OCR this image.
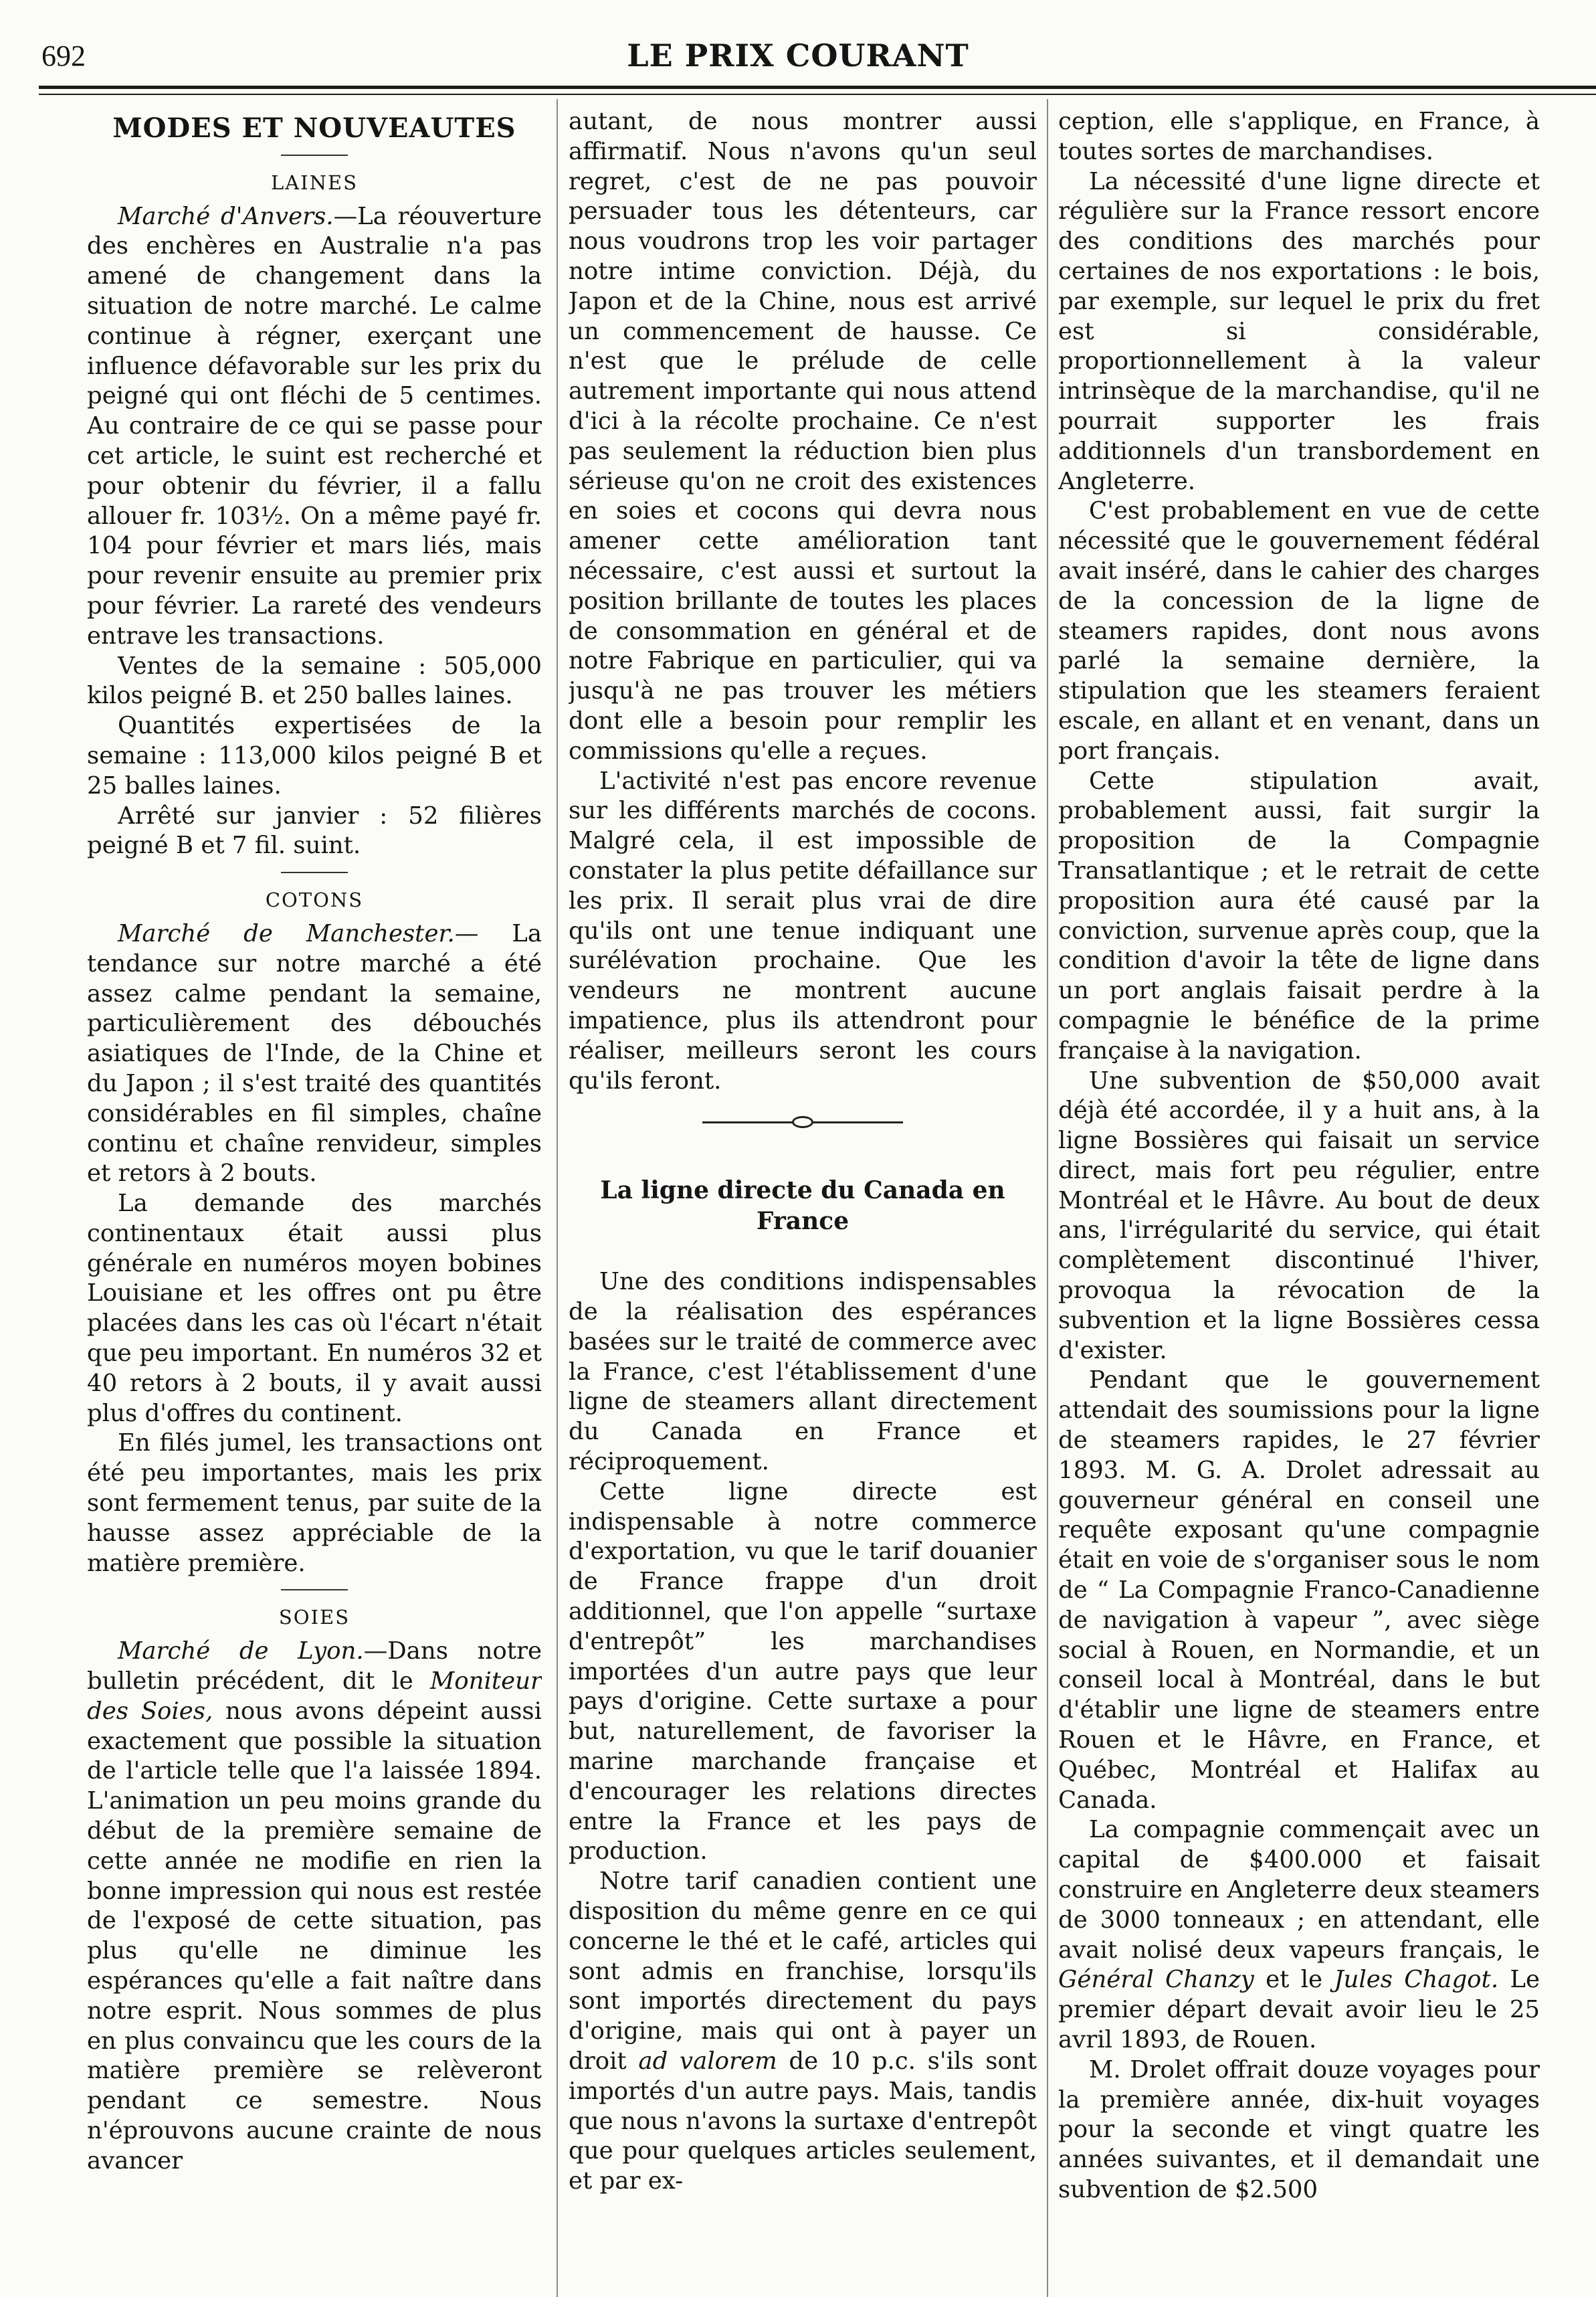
692	LE PRIX COURANT
MODES ET NOUVEAUTES
LAINES

Marché d'Anvers.—La réouverture des enchères en Australie n'a pas amené de changement dans la situation de notre marché. Le calme continue à régner, exerçant une influence défavorable sur les prix du peigné qui ont fléchi de 5 centimes. Au contraire de ce qui se passe pour cet article, le suint est recherché et pour obtenir du février, il a fallu allouer fr. 103½. On a même payé fr. 104 pour février et mars liés, mais pour revenir ensuite au premier prix pour février. La rareté des vendeurs entrave les transactions.

Ventes de la semaine : 505,000 kilos peigné B. et 250 balles laines.

Quantités expertisées de la semaine : 113,000 kilos peigné B et 25 balles laines.

Arrêté sur janvier : 52 filières peigné B et 7 fil. suint.

COTONS

Marché de Manchester.— La tendance sur notre marché a été assez calme pendant la semaine, particulièrement des débouchés asiatiques de l'Inde, de la Chine et du Japon ; il s'est traité des quantités considérables en fil simples, chaîne continu et chaîne renvideur, simples et retors à 2 bouts.

La demande des marchés continentaux était aussi plus générale en numéros moyen bobines Louisiane et les offres ont pu être placées dans les cas où l'écart n'était que peu important. En numéros 32 et 40 retors à 2 bouts, il y avait aussi plus d'offres du continent.

En filés jumel, les transactions ont été peu importantes, mais les prix sont fermement tenus, par suite de la hausse assez appréciable de la matière première.

SOIES

Marché de Lyon.—Dans notre bulletin précédent, dit le Moniteur des Soies, nous avons dépeint aussi exactement que possible la situation de l'article telle que l'a laissée 1894. L'animation un peu moins grande du début de la première semaine de cette année ne modifie en rien la bonne impression qui nous est restée de l'exposé de cette situation, pas plus qu'elle ne diminue les espérances qu'elle a fait naître dans notre esprit. Nous sommes de plus en plus convaincu que les cours de la matière première se relèveront pendant ce semestre. Nous n'éprouvons aucune crainte de nous avancer

autant, de nous montrer aussi affirmatif. Nous n'avons qu'un seul regret, c'est de ne pas pouvoir persuader tous les détenteurs, car nous voudrons trop les voir partager notre intime conviction. Déjà, du Japon et de la Chine, nous est arrivé un commencement de hausse. Ce n'est que le prélude de celle autrement importante qui nous attend d'ici à la récolte prochaine. Ce n'est pas seulement la réduction bien plus sérieuse qu'on ne croit des existences en soies et cocons qui devra nous amener cette amélioration tant nécessaire, c'est aussi et surtout la position brillante de toutes les places de consommation en général et de notre Fabrique en particulier, qui va jusqu'à ne pas trouver les métiers dont elle a besoin pour remplir les commissions qu'elle a reçues.

L'activité n'est pas encore revenue sur les différents marchés de cocons. Malgré cela, il est impossible de constater la plus petite défaillance sur les prix. Il serait plus vrai de dire qu'ils ont une tenue indiquant une surélévation prochaine. Que les vendeurs ne montrent aucune impatience, plus ils attendront pour réaliser, meilleurs seront les cours qu'ils feront.

La ligne directe du Canada en France

Une des conditions indispensables de la réalisation des espérances basées sur le traité de commerce avec la France, c'est l'établissement d'une ligne de steamers allant directement du Canada en France et réciproquement.

Cette ligne directe est indispensable à notre commerce d'exportation, vu que le tarif douanier de France frappe d'un droit additionnel, que l'on appelle “surtaxe d'entrepôt” les marchandises importées d'un autre pays que leur pays d'origine. Cette surtaxe a pour but, naturellement, de favoriser la marine marchande française et d'encourager les relations directes entre la France et les pays de production.

Notre tarif canadien contient une disposition du même genre en ce qui concerne le thé et le café, articles qui sont admis en franchise, lorsqu'ils sont importés directement du pays d'origine, mais qui ont à payer un droit ad valorem de 10 p.c. s'ils sont importés d'un autre pays. Mais, tandis que nous n'avons la surtaxe d'entrepôt que pour quelques articles seulement, et par ex-

ception, elle s'applique, en France, à toutes sortes de marchandises.

La nécessité d'une ligne directe et régulière sur la France ressort encore des conditions des marchés pour certaines de nos exportations : le bois, par exemple, sur lequel le prix du fret est si considérable, proportionnellement à la valeur intrinsèque de la marchandise, qu'il ne pourrait supporter les frais additionnels d'un transbordement en Angleterre.

C'est probablement en vue de cette nécessité que le gouvernement fédéral avait inséré, dans le cahier des charges de la concession de la ligne de steamers rapides, dont nous avons parlé la semaine dernière, la stipulation que les steamers feraient escale, en allant et en venant, dans un port français.

Cette stipulation avait, probablement aussi, fait surgir la proposition de la Compagnie Transatlantique ; et le retrait de cette proposition aura été causé par la conviction, survenue après coup, que la condition d'avoir la tête de ligne dans un port anglais faisait perdre à la compagnie le bénéfice de la prime française à la navigation.

Une subvention de $50,000 avait déjà été accordée, il y a huit ans, à la ligne Bossières qui faisait un service direct, mais fort peu régulier, entre Montréal et le Hâvre. Au bout de deux ans, l'irrégularité du service, qui était complètement discontinué l'hiver, provoqua la révocation de la subvention et la ligne Bossières cessa d'exister.

Pendant que le gouvernement attendait des soumissions pour la ligne de steamers rapides, le 27 février 1893. M. G. A. Drolet adressait au gouverneur général en conseil une requête exposant qu'une compagnie était en voie de s'organiser sous le nom de “ La Compagnie Franco-Canadienne de navigation à vapeur ”, avec siège social à Rouen, en Normandie, et un conseil local à Montréal, dans le but d'établir une ligne de steamers entre Rouen et le Hâvre, en France, et Québec, Montréal et Halifax au Canada.

La compagnie commençait avec un capital de $400.000 et faisait construire en Angleterre deux steamers de 3000 tonneaux ; en attendant, elle avait nolisé deux vapeurs français, le Général Chanzy et le Jules Chagot. Le premier départ devait avoir lieu le 25 avril 1893, de Rouen.

M. Drolet offrait douze voyages pour la première année, dix-huit voyages pour la seconde et vingt quatre les années suivantes, et il demandait une subvention de $2.500
